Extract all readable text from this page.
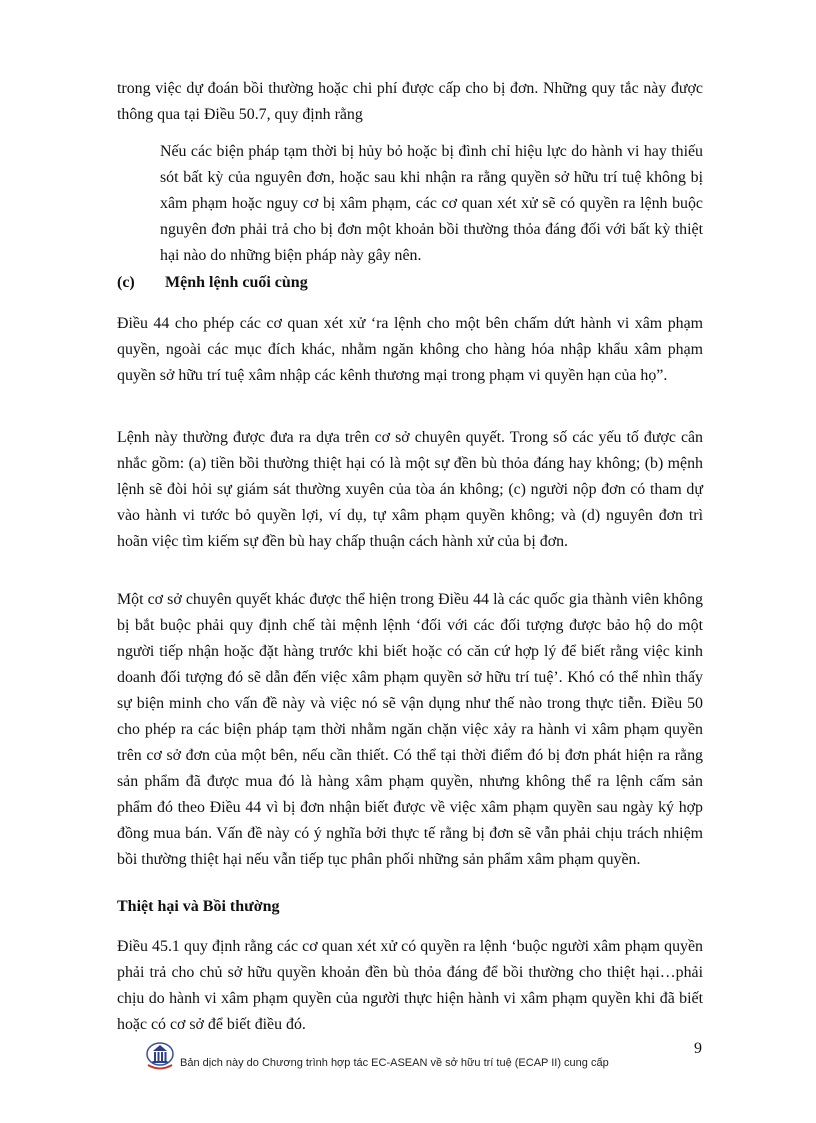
trong việc dự đoán bồi thường hoặc chi phí được cấp cho bị đơn. Những quy tắc này được thông qua tại Điều 50.7, quy định rằng

Nếu các biện pháp tạm thời bị hủy bỏ hoặc bị đình chỉ hiệu lực do hành vi hay thiếu sót bất kỳ của nguyên đơn, hoặc sau khi nhận ra rằng quyền sở hữu trí tuệ không bị xâm phạm hoặc nguy cơ bị xâm phạm, các cơ quan xét xử sẽ có quyền ra lệnh buộc nguyên đơn phải trả cho bị đơn một khoản bồi thường thỏa đáng đối với bất kỳ thiệt hại nào do những biện pháp này gây nên.

(c) Mệnh lệnh cuối cùng

Điều 44 cho phép các cơ quan xét xử ‘ra lệnh cho một bên chấm dứt hành vi xâm phạm quyền, ngoài các mục đích khác, nhằm ngăn không cho hàng hóa nhập khẩu xâm phạm quyền sở hữu trí tuệ xâm nhập các kênh thương mại trong phạm vi quyền hạn của họ”.

Lệnh này thường được đưa ra dựa trên cơ sở chuyên quyết. Trong số các yếu tố được cân nhắc gồm: (a) tiền bồi thường thiệt hại có là một sự đền bù thỏa đáng hay không; (b) mệnh lệnh sẽ đòi hỏi sự giám sát thường xuyên của tòa án không; (c) người nộp đơn có tham dự vào hành vi tước bỏ quyền lợi, ví dụ, tự xâm phạm quyền không; và (d) nguyên đơn trì hoãn việc tìm kiếm sự đền bù hay chấp thuận cách hành xử của bị đơn.

Một cơ sở chuyên quyết khác được thể hiện trong Điều 44 là các quốc gia thành viên không bị bắt buộc phải quy định chế tài mệnh lệnh ‘đối với các đối tượng được bảo hộ do một người tiếp nhận hoặc đặt hàng trước khi biết hoặc có căn cứ hợp lý để biết rằng việc kinh doanh đối tượng đó sẽ dẫn đến việc xâm phạm quyền sở hữu trí tuệ’. Khó có thể nhìn thấy sự biện minh cho vấn đề này và việc nó sẽ vận dụng như thế nào trong thực tiễn. Điều 50 cho phép ra các biện pháp tạm thời nhằm ngăn chặn việc xảy ra hành vi xâm phạm quyền trên cơ sở đơn của một bên, nếu cần thiết. Có thể tại thời điểm đó bị đơn phát hiện ra rằng sản phẩm đã được mua đó là hàng xâm phạm quyền, nhưng không thể ra lệnh cấm sản phẩm đó theo Điều 44 vì bị đơn nhận biết được về việc xâm phạm quyền sau ngày ký hợp đồng mua bán. Vấn đề này có ý nghĩa bởi thực tế rằng bị đơn sẽ vẫn phải chịu trách nhiệm bồi thường thiệt hại nếu vẫn tiếp tục phân phối những sản phẩm xâm phạm quyền.

Thiệt hại và Bồi thường

Điều 45.1 quy định rằng các cơ quan xét xử có quyền ra lệnh ‘buộc người xâm phạm quyền phải trả cho chủ sở hữu quyền khoản đền bù thỏa đáng để bồi thường cho thiệt hại…phải chịu do hành vi xâm phạm quyền của người thực hiện hành vi xâm phạm quyền khi đã biết hoặc có cơ sở để biết điều đó.

9
Bản dịch này do Chương trình hợp tác EC-ASEAN về sở hữu trí tuệ (ECAP II) cung cấp
